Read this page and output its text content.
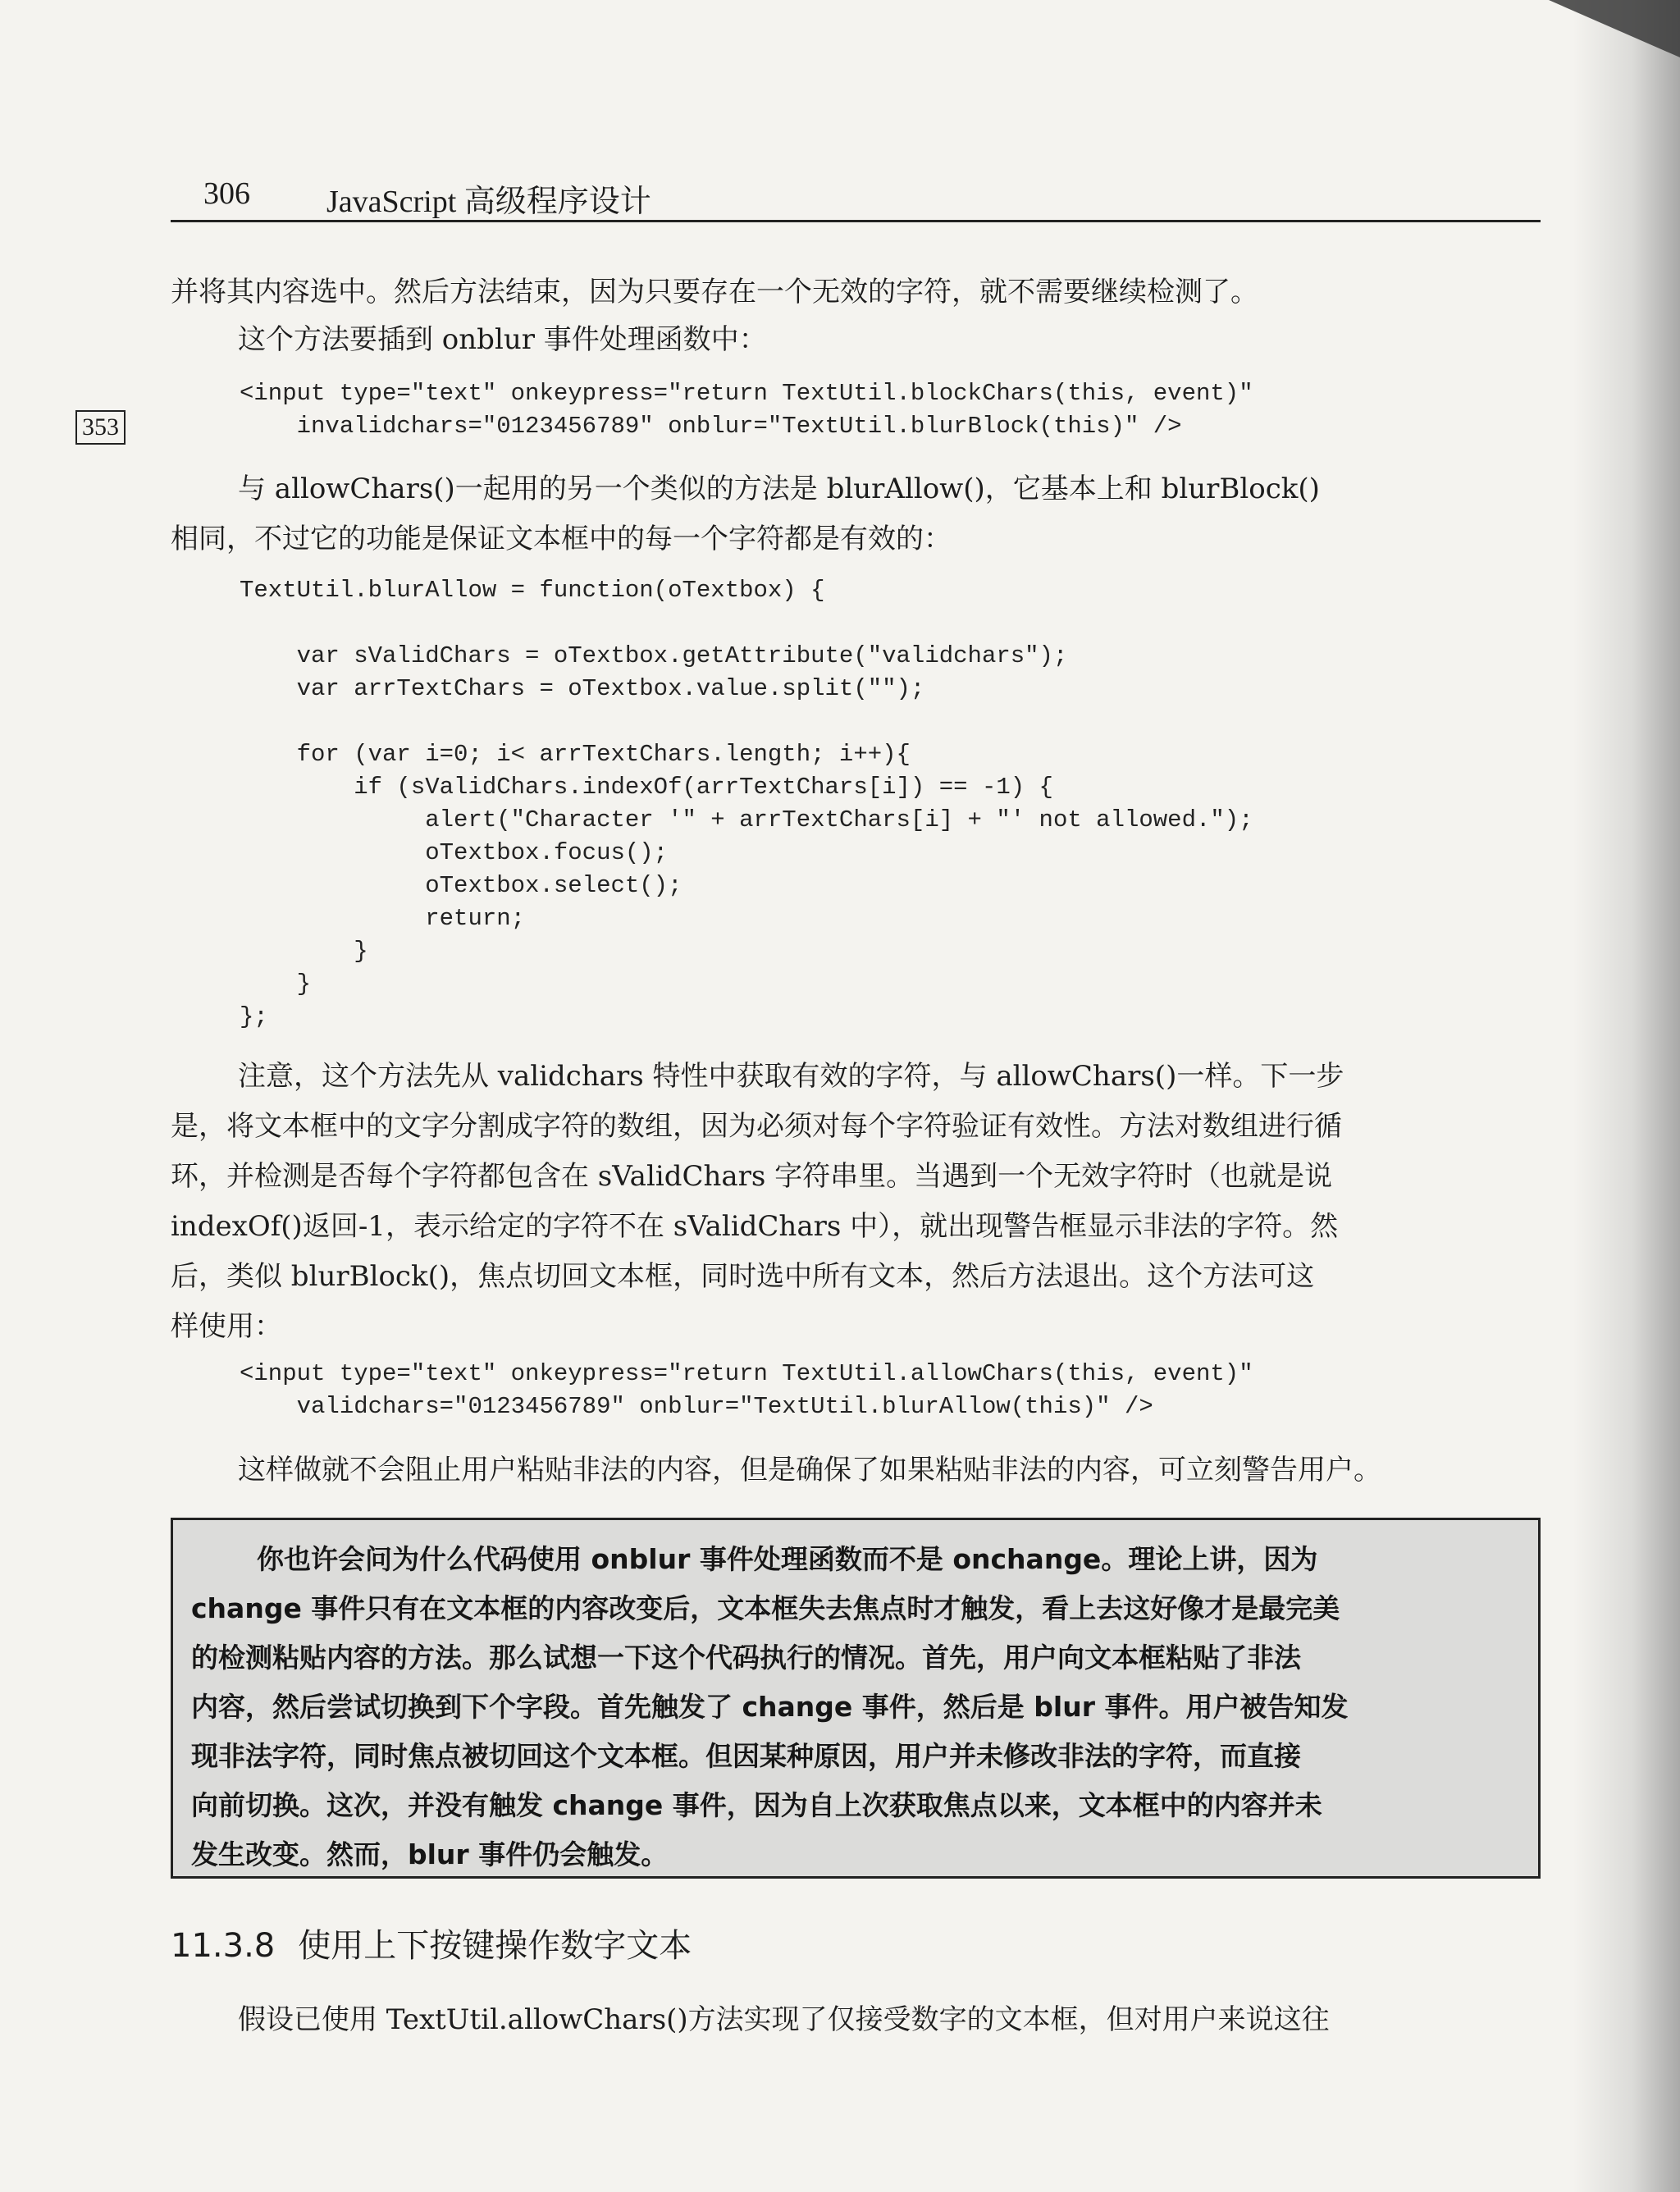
306 JavaScript 高级程序设计
353
并将其内容选中。然后方法结束，因为只要存在一个无效的字符，就不需要继续检测了。
这个方法要插到 onblur 事件处理函数中：
<input type="text" onkeypress="return TextUtil.blockChars(this, event)"
invalidchars="0123456789" onblur="TextUtil.blurBlock(this)" />
与 allowChars()一起用的另一个类似的方法是 blurAllow()，它基本上和 blurBlock()
相同，不过它的功能是保证文本框中的每一个字符都是有效的：
TextUtil.blurAllow = function(oTextbox) {

var sValidChars = oTextbox.getAttribute("validchars");
var arrTextChars = oTextbox.value.split("");

for (var i=0; i< arrTextChars.length; i++){
if (sValidChars.indexOf(arrTextChars[i]) == -1) {
alert("Character '" + arrTextChars[i] + "' not allowed.");
oTextbox.focus();
oTextbox.select();
return;
}
}
};
注意，这个方法先从 validchars 特性中获取有效的字符，与 allowChars()一样。下一步
是，将文本框中的文字分割成字符的数组，因为必须对每个字符验证有效性。方法对数组进行循
环，并检测是否每个字符都包含在 sValidChars 字符串里。当遇到一个无效字符时（也就是说
indexOf()返回-1，表示给定的字符不在 sValidChars 中），就出现警告框显示非法的字符。然
后，类似 blurBlock()，焦点切回文本框，同时选中所有文本，然后方法退出。这个方法可这
样使用：
<input type="text" onkeypress="return TextUtil.allowChars(this, event)"
validchars="0123456789" onblur="TextUtil.blurAllow(this)" />
这样做就不会阻止用户粘贴非法的内容，但是确保了如果粘贴非法的内容，可立刻警告用户。
你也许会问为什么代码使用 onblur 事件处理函数而不是 onchange。理论上讲，因为
change 事件只有在文本框的内容改变后，文本框失去焦点时才触发，看上去这好像才是最完美
的检测粘贴内容的方法。那么试想一下这个代码执行的情况。首先，用户向文本框粘贴了非法
内容，然后尝试切换到下个字段。首先触发了 change 事件，然后是 blur 事件。用户被告知发
现非法字符，同时焦点被切回这个文本框。但因某种原因，用户并未修改非法的字符，而直接
向前切换。这次，并没有触发 change 事件，因为自上次获取焦点以来，文本框中的内容并未
发生改变。然而，blur 事件仍会触发。
11.3.8 使用上下按键操作数字文本
假设已使用 TextUtil.allowChars()方法实现了仅接受数字的文本框，但对用户来说这往
